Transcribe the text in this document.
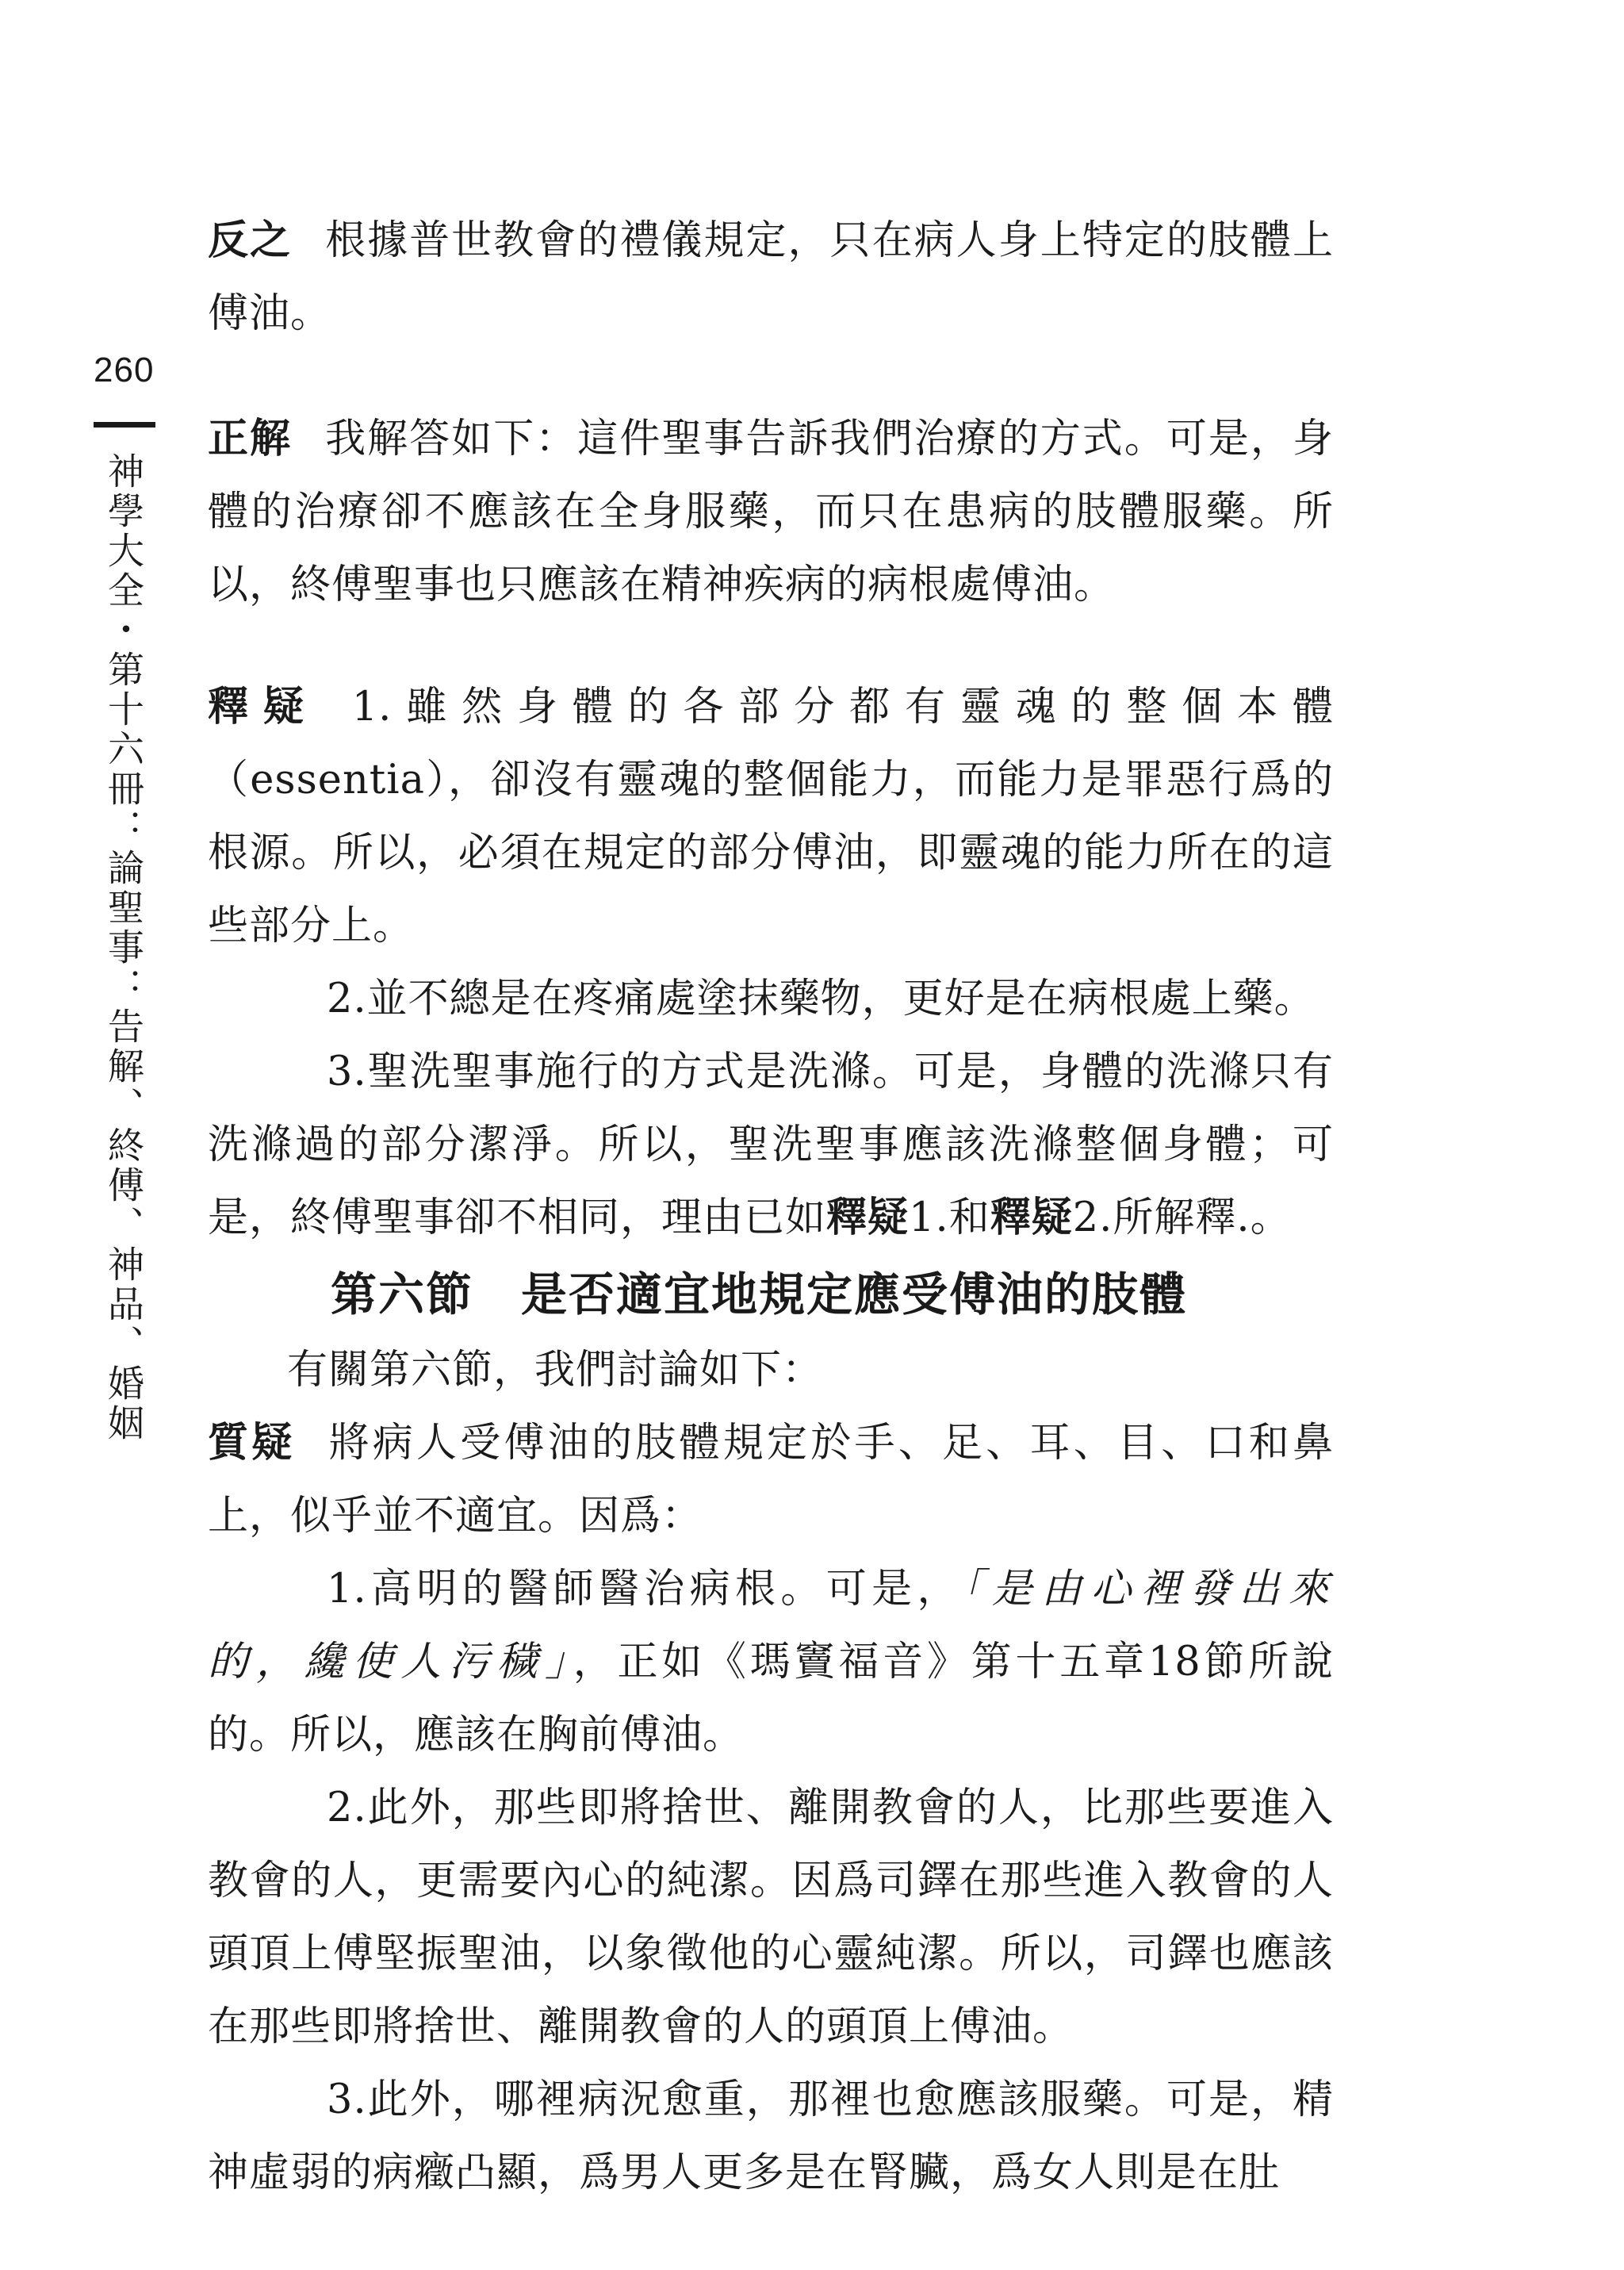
260
神學大全・第十六冊：論聖事：告解、終傅、神品、婚姻

反之 根據普世教會的禮儀規定，只在病人身上特定的肢體上傅油。

正解 我解答如下：這件聖事告訴我們治療的方式。可是，身體的治療卻不應該在全身服藥，而只在患病的肢體服藥。所以，終傅聖事也只應該在精神疾病的病根處傅油。

釋疑 1.雖然身體的各部分都有靈魂的整個本體（essentia），卻沒有靈魂的整個能力，而能力是罪惡行爲的根源。所以，必須在規定的部分傅油，即靈魂的能力所在的這些部分上。

2.並不總是在疼痛處塗抹藥物，更好是在病根處上藥。

3.聖洗聖事施行的方式是洗滌。可是，身體的洗滌只有洗滌過的部分潔淨。所以，聖洗聖事應該洗滌整個身體；可是，終傅聖事卻不相同，理由已如釋疑1.和釋疑2.所解釋.。

第六節 是否適宜地規定應受傅油的肢體

有關第六節，我們討論如下：

質疑 將病人受傅油的肢體規定於手、足、耳、目、口和鼻上，似乎並不適宜。因爲：

1.高明的醫師醫治病根。可是，「是由心裡發出來的，纔使人污穢」，正如《瑪竇福音》第十五章18節所說的。所以，應該在胸前傅油。

2.此外，那些即將捨世、離開教會的人，比那些要進入教會的人，更需要內心的純潔。因爲司鐸在那些進入教會的人頭頂上傅堅振聖油，以象徵他的心靈純潔。所以，司鐸也應該在那些即將捨世、離開教會的人的頭頂上傅油。

3.此外，哪裡病況愈重，那裡也愈應該服藥。可是，精神虛弱的病癥凸顯，爲男人更多是在腎臟，爲女人則是在肚
